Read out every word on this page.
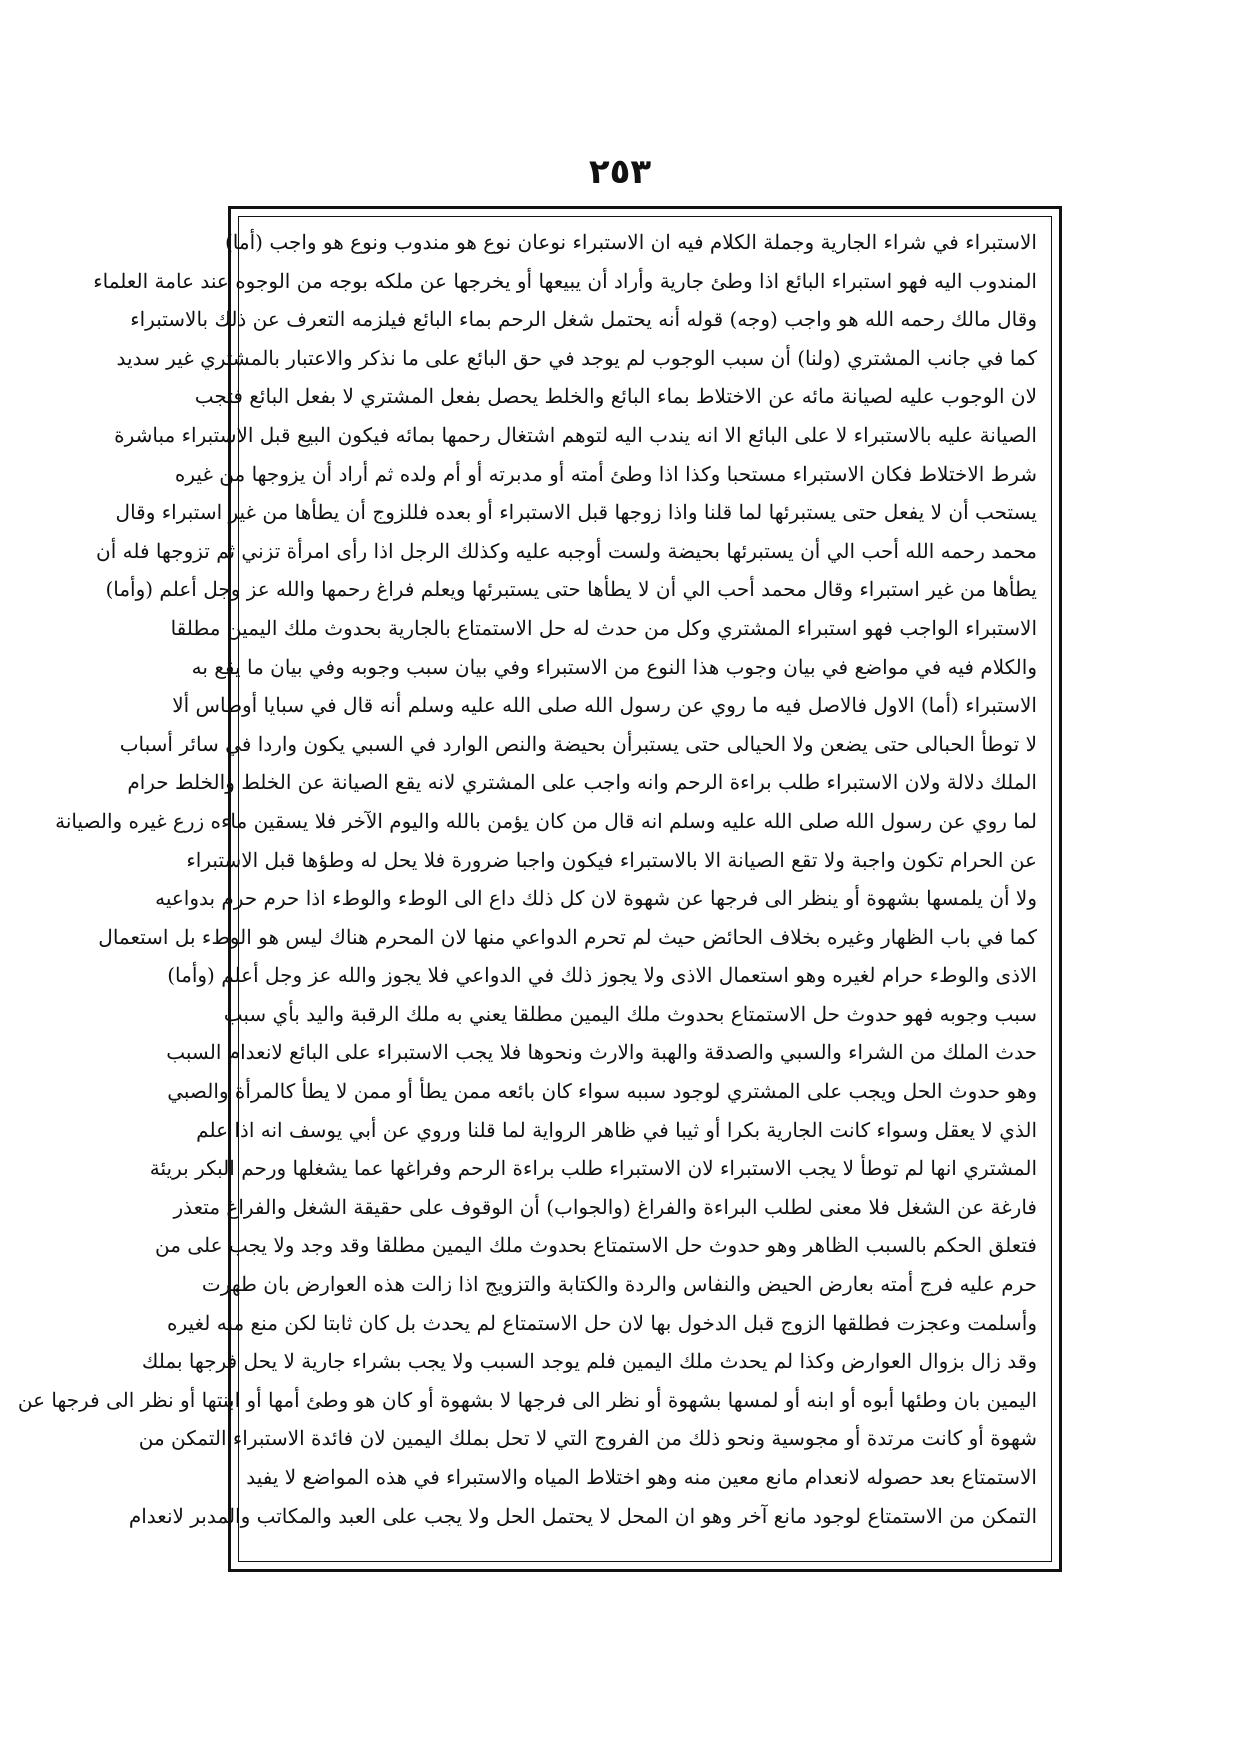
٢٥٣
الاستبراء في شراء الجارية وجملة الكلام فيه ان الاستبراء نوعان نوع هو مندوب ونوع هو واجب (أما)
المندوب اليه فهو استبراء البائع اذا وطئ جارية وأراد أن يبيعها أو يخرجها عن ملكه بوجه من الوجوه عند عامة العلماء
وقال مالك رحمه الله هو واجب (وجه) قوله أنه يحتمل شغل الرحم بماء البائع فيلزمه التعرف عن ذلك بالاستبراء
كما في جانب المشتري (ولنا) أن سبب الوجوب لم يوجد في حق البائع على ما نذكر والاعتبار بالمشتري غير سديد
لان الوجوب عليه لصيانة مائه عن الاختلاط بماء البائع والخلط يحصل بفعل المشتري لا بفعل البائع فتجب
الصيانة عليه بالاستبراء لا على البائع الا انه يندب اليه لتوهم اشتغال رحمها بمائه فيكون البيع قبل الاستبراء مباشرة
شرط الاختلاط فكان الاستبراء مستحبا وكذا اذا وطئ أمته أو مدبرته أو أم ولده ثم أراد أن يزوجها من غيره
يستحب أن لا يفعل حتى يستبرئها لما قلنا واذا زوجها قبل الاستبراء أو بعده فللزوج أن يطأها من غير استبراء وقال
محمد رحمه الله أحب الي أن يستبرئها بحيضة ولست أوجبه عليه وكذلك الرجل اذا رأى امرأة تزني ثم تزوجها فله أن
يطأها من غير استبراء وقال محمد أحب الي أن لا يطأها حتى يستبرئها ويعلم فراغ رحمها والله عز وجل أعلم (وأما)
الاستبراء الواجب فهو استبراء المشتري وكل من حدث له حل الاستمتاع بالجارية بحدوث ملك اليمين مطلقا
والكلام فيه في مواضع في بيان وجوب هذا النوع من الاستبراء وفي بيان سبب وجوبه وفي بيان ما يقع به
الاستبراء (أما) الاول فالاصل فيه ما روي عن رسول الله صلى الله عليه وسلم أنه قال في سبايا أوطاس ألا
لا توطأ الحبالى حتى يضعن ولا الحيالى حتى يستبرأن بحيضة والنص الوارد في السبي يكون واردا في سائر أسباب
الملك دلالة ولان الاستبراء طلب براءة الرحم وانه واجب على المشتري لانه يقع الصيانة عن الخلط والخلط حرام
لما روي عن رسول الله صلى الله عليه وسلم انه قال من كان يؤمن بالله واليوم الآخر فلا يسقين ماءه زرع غيره والصيانة
عن الحرام تكون واجبة ولا تقع الصيانة الا بالاستبراء فيكون واجبا ضرورة فلا يحل له وطؤها قبل الاستبراء
ولا أن يلمسها بشهوة أو ينظر الى فرجها عن شهوة لان كل ذلك داع الى الوطء والوطء اذا حرم حرم بدواعيه
كما في باب الظهار وغيره بخلاف الحائض حيث لم تحرم الدواعي منها لان المحرم هناك ليس هو الوطء بل استعمال
الاذى والوطء حرام لغيره وهو استعمال الاذى ولا يجوز ذلك في الدواعي فلا يجوز والله عز وجل أعلم (وأما)
سبب وجوبه فهو حدوث حل الاستمتاع بحدوث ملك اليمين مطلقا يعني به ملك الرقبة واليد بأي سبب
حدث الملك من الشراء والسبي والصدقة والهبة والارث ونحوها فلا يجب الاستبراء على البائع لانعدام السبب
وهو حدوث الحل ويجب على المشتري لوجود سببه سواء كان بائعه ممن يطأ أو ممن لا يطأ كالمرأة والصبي
الذي لا يعقل وسواء كانت الجارية بكرا أو ثيبا في ظاهر الرواية لما قلنا وروي عن أبي يوسف انه اذا علم
المشتري انها لم توطأ لا يجب الاستبراء لان الاستبراء طلب براءة الرحم وفراغها عما يشغلها ورحم البكر بريئة
فارغة عن الشغل فلا معنى لطلب البراءة والفراغ (والجواب) أن الوقوف على حقيقة الشغل والفراغ متعذر
فتعلق الحكم بالسبب الظاهر وهو حدوث حل الاستمتاع بحدوث ملك اليمين مطلقا وقد وجد ولا يجب على من
حرم عليه فرج أمته بعارض الحيض والنفاس والردة والكتابة والتزويج اذا زالت هذه العوارض بان طهرت
وأسلمت وعجزت فطلقها الزوج قبل الدخول بها لان حل الاستمتاع لم يحدث بل كان ثابتا لكن منع منه لغيره
وقد زال بزوال العوارض وكذا لم يحدث ملك اليمين فلم يوجد السبب ولا يجب بشراء جارية لا يحل فرجها بملك
اليمين بان وطئها أبوه أو ابنه أو لمسها بشهوة أو نظر الى فرجها لا بشهوة أو كان هو وطئ أمها أو ابنتها أو نظر الى فرجها عن
شهوة أو كانت مرتدة أو مجوسية ونحو ذلك من الفروج التي لا تحل بملك اليمين لان فائدة الاستبراء التمكن من
الاستمتاع بعد حصوله لانعدام مانع معين منه وهو اختلاط المياه والاستبراء في هذه المواضع لا يفيد
التمكن من الاستمتاع لوجود مانع آخر وهو ان المحل لا يحتمل الحل ولا يجب على العبد والمكاتب والمدبر لانعدام
